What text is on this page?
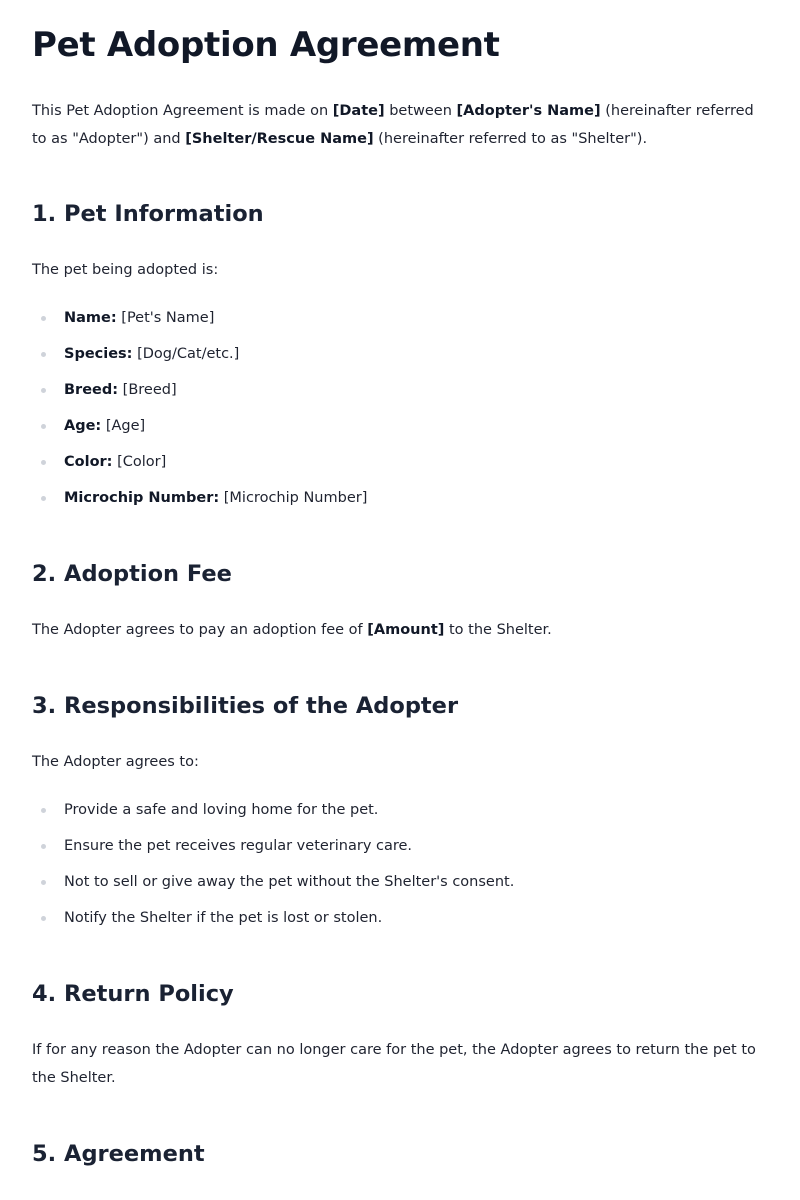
Pet Adoption Agreement

This Pet Adoption Agreement is made on [Date] between [Adopter's Name] (hereinafter referred to as "Adopter") and [Shelter/Rescue Name] (hereinafter referred to as "Shelter").

1. Pet Information

The pet being adopted is:

Name: [Pet's Name]
Species: [Dog/Cat/etc.]
Breed: [Breed]
Age: [Age]
Color: [Color]
Microchip Number: [Microchip Number]
2. Adoption Fee

The Adopter agrees to pay an adoption fee of [Amount] to the Shelter.

3. Responsibilities of the Adopter

The Adopter agrees to:

Provide a safe and loving home for the pet.
Ensure the pet receives regular veterinary care.
Not to sell or give away the pet without the Shelter's consent.
Notify the Shelter if the pet is lost or stolen.
4. Return Policy

If for any reason the Adopter can no longer care for the pet, the Adopter agrees to return the pet to the Shelter.

5. Agreement
